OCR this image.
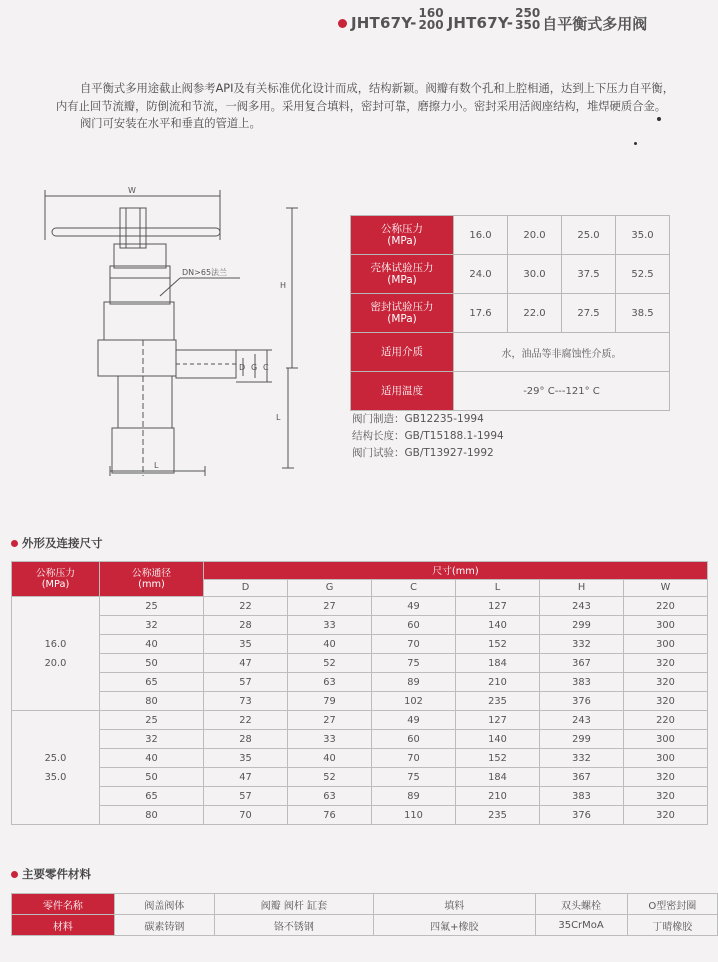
JHT67Y-
160
200 JHT67Y-
250
350 自平衡式多用阀

自平衡式多用途截止阀参考API及有关标准优化设计而成，结构新颖。阀瓣有数个孔和上腔相通，达到上下压力自平衡，内有止回节流瓣，防倒流和节流，一阀多用。采用复合填料，密封可靠，磨擦力小。密封采用活阀座结构，堆焊硬质合金。

阀门可安装在水平和垂直的管道上。

W
H
L
L
D G C
DN>65法兰
公称压力
(MPa)	16.0	20.0	25.0	35.0
壳体试验压力
(MPa)	24.0	30.0	37.5	52.5
密封试验压力
(MPa)	17.6	22.0	27.5	38.5
适用介质	水，油品等非腐蚀性介质。			
适用温度	-29° C---121° C			
阀门制造：GB12235-1994
结构长度：GB/T15188.1-1994
阀门试验：GB/T13927-1992
外形及连接尺寸
公称压力
(MPa)	公称通径
(mm)	尺寸(mm)					
		D	G	C	L	H	W

16.0
20.0	25	22	27	49	127	243	220
	32	28	33	60	140	299	300
	40	35	40	70	152	332	300
	50	47	52	75	184	367	320
	65	57	63	89	210	383	320
	80	73	79	102	235	376	320

25.0
35.0	25	22	27	49	127	243	220
	32	28	33	60	140	299	300
	40	35	40	70	152	332	300
	50	47	52	75	184	367	320
	65	57	63	89	210	383	320
	80	70	76	110	235	376	320
主要零件材料
零件名称	阀盖阀体	阀瓣 阀杆 缸套	填料	双头螺栓	O型密封圈
材料	碳素铸钢	铬不锈钢	四氟+橡胶	35CrMoA	丁晴橡胶
